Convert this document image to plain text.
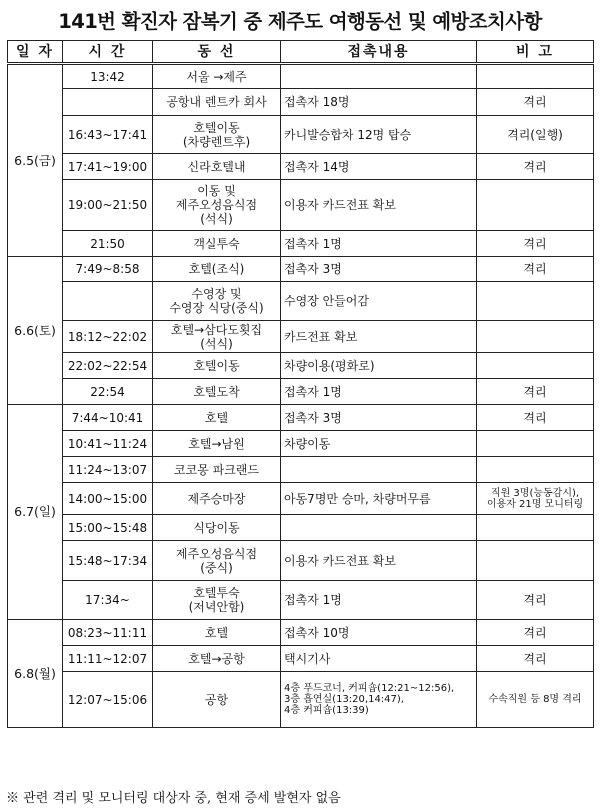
141번 확진자 잠복기 중 제주도 여행동선 및 예방조치사항
일 자	시 간	동 선	접촉내용	비 고
6.5(금)	13:42	서울 →제주		
		공항내 렌트카 회사	접촉자 18명	격리
	16:43~17:41	호텔이동
(차량렌트후)	카니발승합차 12명 탑승	격리(일행)
	17:41~19:00	신라호텔내	접촉자 14명	격리
	19:00~21:50	이동 및
제주오성음식점
(석식)	이용자 카드전표 확보	
	21:50	객실투숙	접촉자 1명	격리
6.6(토)	7:49~8:58	호텔(조식)	접촉자 3명	격리
		수영장 및
수영장 식당(중식)	수영장 안들어감	
	18:12~22:02	호텔→삼다도횟집
(석식)	카드전표 확보	
	22:02~22:54	호텔이동	차량이용(평화로)	
	22:54	호텔도착	접촉자 1명	격리
6.7(일)	7:44~10:41	호텔	접촉자 3명	격리
	10:41~11:24	호텔→남원	차량이동	
	11:24~13:07	코코몽 파크랜드		
	14:00~15:00	제주승마장	아동7명만 승마, 차량머무름	직원 3명(능동감시),
이용자 21명 모니터링
	15:00~15:48	식당이동		
	15:48~17:34	제주오성음식점
(중식)	이용자 카드전표 확보	
	17:34~	호텔투숙
(저녁안함)	접촉자 1명	격리
6.8(월)	08:23~11:11	호텔	접촉자 10명	격리
	11:11~12:07	호텔→공항	택시기사	격리
	12:07~15:06	공항	4층 푸드코너, 커피숍(12:21~12:56),
3층 흡연실(13:20,14:47),
4층 커피숍(13:39)	수속직원 등 8명 격리
※ 관련 격리 및 모니터링 대상자 중, 현재 증세 발현자 없음
